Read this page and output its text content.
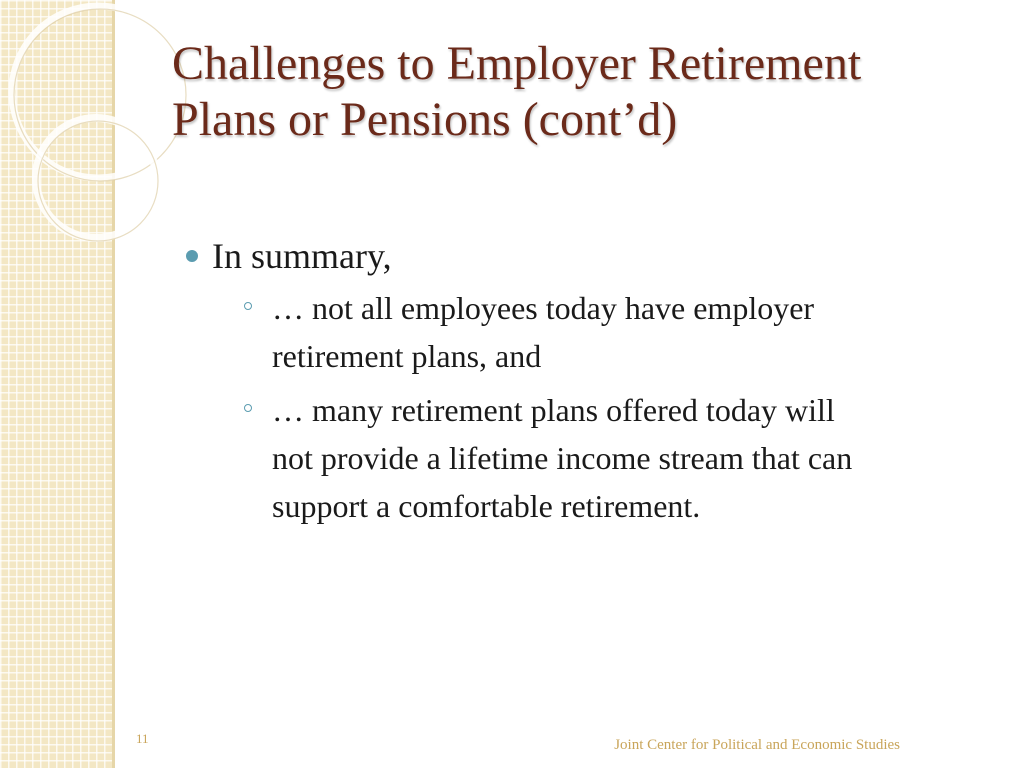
Challenges to Employer Retirement
Plans or Pensions (cont’d)
In summary,
… not all employees today have employer
retirement plans, and
… many retirement plans offered today will
not provide a lifetime income stream that can
support a comfortable retirement.
11	Joint Center for Political and Economic Studies
